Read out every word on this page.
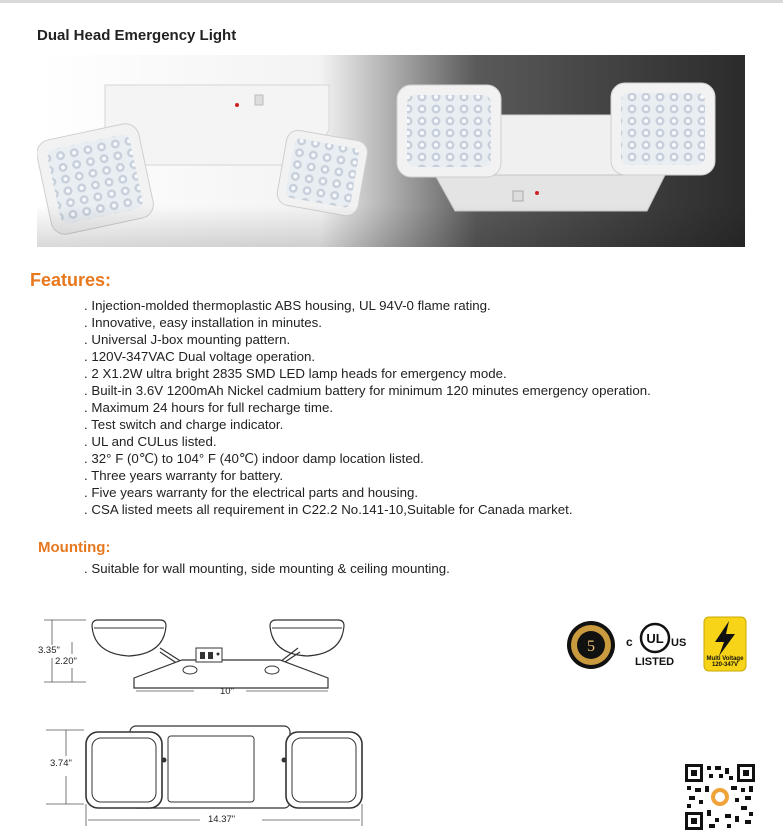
Dual Head Emergency Light
Features:
. Injection-molded thermoplastic ABS housing, UL 94V-0 flame rating.
. Innovative, easy installation in minutes.
. Universal J-box mounting pattern.
. 120V-347VAC Dual voltage operation.
. 2 X1.2W ultra bright 2835 SMD LED lamp heads for emergency mode.
. Built-in 3.6V 1200mAh Nickel cadmium battery for minimum 120 minutes emergency operation.
. Maximum 24 hours for full recharge time.
. Test switch and charge indicator.
. UL and CULus listed.
. 32° F (0℃) to 104° F (40℃) indoor damp location listed.
. Three years warranty for battery.
. Five years warranty for the electrical parts and housing.
. CSA listed meets all requirement in C22.2 No.141-10,Suitable for Canada market.
Mounting:
. Suitable for wall mounting, side mounting & ceiling mounting.
3.35"
2.20"
10"
3.74"
14.37"
5	c UL US
LISTED	Multi Voltage
120-347V
